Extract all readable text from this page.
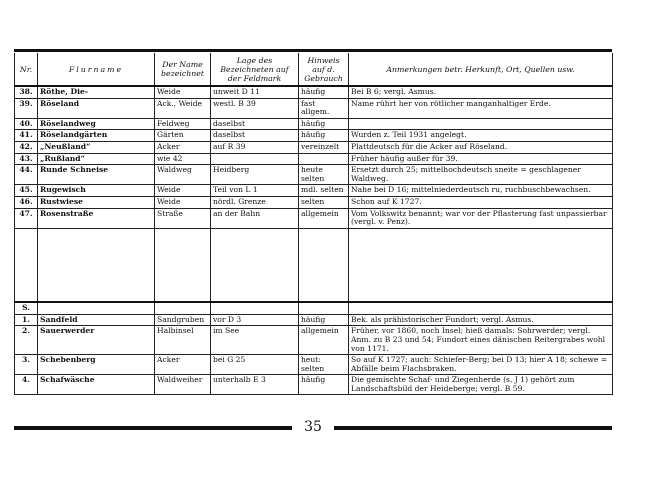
Nr.	Flurname	Der Name bezeichnet	Lage des Bezeichneten auf der Feldmark	Hinweis auf d. Gebrauch	Anmerkungen betr. Herkunft, Ort, Quellen usw.
38.	Röthe, Die-	Weide	unweit D 11	häufig	Bei B 6; vergl. Asmus.
39.	Röseland	Ack., Weide	westl. B 39	fast allgem.	Name rührt her von rötlicher manganhaltiger Erde.
40.	Röselandweg	Feldweg	daselbst	häufig	
41.	Röselandgärten	Gärten	daselbst	häufig	Wurden z. Teil 1931 angelegt.
42.	„Neußland“	Acker	auf R 39	vereinzelt	Plattdeutsch für die Acker auf Röseland.
43.	„Rußland“	wie 42			Früher häufig außer für 39.
44.	Runde Schneise	Waldweg	Heidberg	heute selten	Ersetzt durch 25; mittelhochdeutsch sneite = geschlagener Waldweg.
45.	Rugewisch	Weide	Teil von L 1	mdl. selten	Nahe bei D 16; mittelniederdeutsch ru, ruchbuschbewachsen.
46.	Rustwiese	Weide	nördl. Grenze	selten	Schon auf K 1727.
47.	Rosenstraße	Straße	an der Bahn	allgemein	Vom Volkswitz benannt; war vor der Pflasterung fast unpassierbar (vergl. v. Penz).

S.					
1.	Sandfeld	Sandgruben	vor D 3	häufig	Bek. als prähistorischer Fundort; vergl. Asmus.
2.	Sauerwerder	Halbinsel	im See	allgemein	Früher, vor 1860, noch Insel; hieß damals: Sohrwerder; vergl. Anm. zu B 23 und 54; Fundort eines dänischen Reitergrabes wohl von 1171.
3.	Schebenberg	Acker	bei G 25	heut: selten	So auf K 1727; auch: Schiefer-Berg; bei D 13; hier A 18; schewe = Abfälle beim Flachsbraken.
4.	Schafwäsche	Waldweiher	unterhalb E 3	häufig	Die gemischte Schaf- und Ziegenherde (s. J 1) gehört zum Landschaftsbild der Heideberge; vergl. B 59.
35
